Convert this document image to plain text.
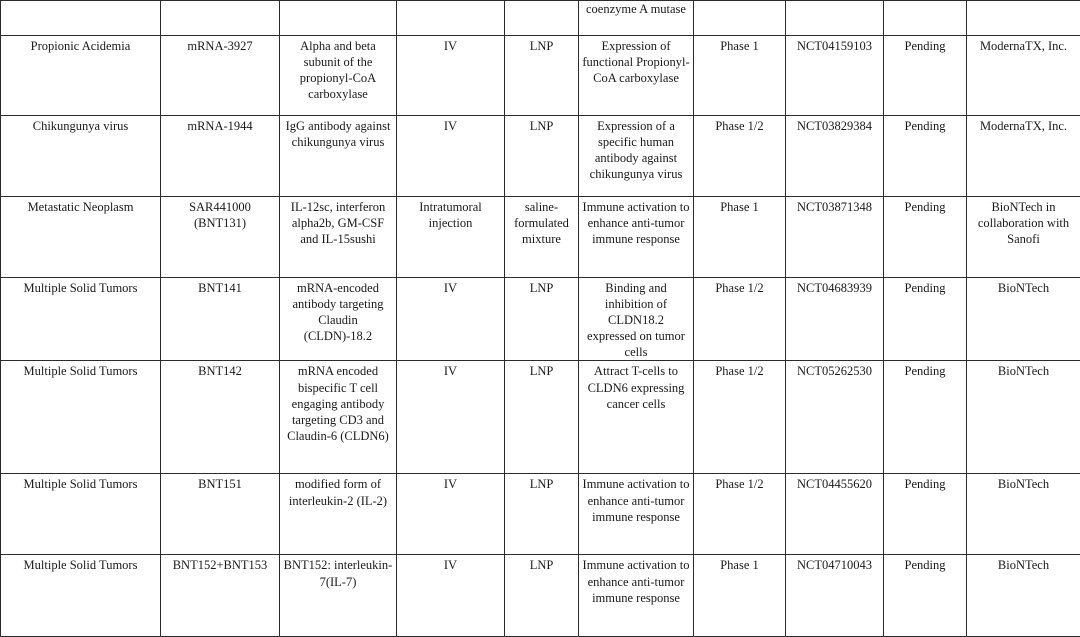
					coenzyme A mutase				

Propionic Acidemia	mRNA-3927	Alpha and beta subunit of the propionyl-CoA carboxylase	IV	LNP	Expression of functional Propionyl-CoA carboxylase	Phase 1	NCT04159103	Pending	ModernaTX, Inc.
Chikungunya virus	mRNA-1944	IgG antibody against chikungunya virus	IV	LNP	Expression of a specific human antibody against chikungunya virus	Phase 1/2	NCT03829384	Pending	ModernaTX, Inc.
Metastatic Neoplasm	SAR441000 (BNT131)	IL-12sc, interferon alpha2b, GM-CSF and IL-15sushi	Intratumoral injection	saline-formulated mixture	Immune activation to enhance anti-tumor immune response	Phase 1	NCT03871348	Pending	BioNTech in collaboration with Sanofi
Multiple Solid Tumors	BNT141	mRNA-encoded antibody targeting Claudin (CLDN)-18.2	IV	LNP	Binding and inhibition of CLDN18.2 expressed on tumor cells	Phase 1/2	NCT04683939	Pending	BioNTech
Multiple Solid Tumors	BNT142	mRNA encoded bispecific T cell engaging antibody targeting CD3 and Claudin-6 (CLDN6)	IV	LNP	Attract T-cells to CLDN6 expressing cancer cells	Phase 1/2	NCT05262530	Pending	BioNTech
Multiple Solid Tumors	BNT151	modified form of interleukin-2 (IL-2)	IV	LNP	Immune activation to enhance anti-tumor immune response	Phase 1/2	NCT04455620	Pending	BioNTech
Multiple Solid Tumors	BNT152+BNT153	BNT152: interleukin-7(IL-7)	IV	LNP	Immune activation to enhance anti-tumor immune response	Phase 1	NCT04710043	Pending	BioNTech
